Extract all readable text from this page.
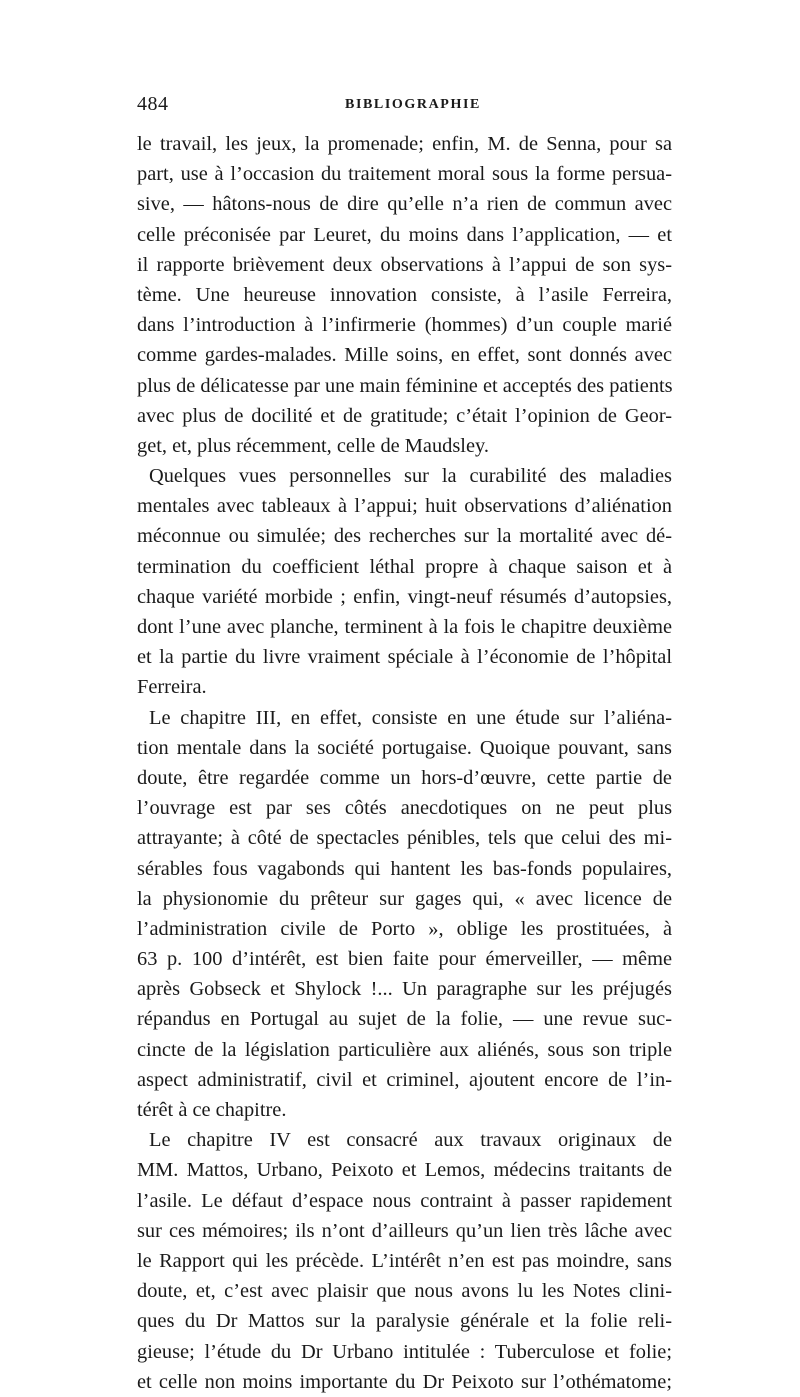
484	BIBLIOGRAPHIE
le travail, les jeux, la promenade; enfin, M. de Senna, pour sa
part, use à l’occasion du traitement moral sous la forme persua-
sive, — hâtons-nous de dire qu’elle n’a rien de commun avec
celle préconisée par Leuret, du moins dans l’application, — et
il rapporte brièvement deux observations à l’appui de son sys-
tème. Une heureuse innovation consiste, à l’asile Ferreira,
dans l’introduction à l’infirmerie (hommes) d’un couple marié
comme gardes-malades. Mille soins, en effet, sont donnés avec
plus de délicatesse par une main féminine et acceptés des patients
avec plus de docilité et de gratitude; c’était l’opinion de Geor-
get, et, plus récemment, celle de Maudsley.
Quelques vues personnelles sur la curabilité des maladies
mentales avec tableaux à l’appui; huit observations d’aliénation
méconnue ou simulée; des recherches sur la mortalité avec dé-
termination du coefficient léthal propre à chaque saison et à
chaque variété morbide ; enfin, vingt-neuf résumés d’autopsies,
dont l’une avec planche, terminent à la fois le chapitre deuxième
et la partie du livre vraiment spéciale à l’économie de l’hôpital
Ferreira.
Le chapitre III, en effet, consiste en une étude sur l’aliéna-
tion mentale dans la société portugaise. Quoique pouvant, sans
doute, être regardée comme un hors-d’œuvre, cette partie de
l’ouvrage est par ses côtés anecdotiques on ne peut plus
attrayante; à côté de spectacles pénibles, tels que celui des mi-
sérables fous vagabonds qui hantent les bas-fonds populaires,
la physionomie du prêteur sur gages qui, « avec licence de
l’administration civile de Porto », oblige les prostituées, à
63 p. 100 d’intérêt, est bien faite pour émerveiller, — même
après Gobseck et Shylock !... Un paragraphe sur les préjugés
répandus en Portugal au sujet de la folie, — une revue suc-
cincte de la législation particulière aux aliénés, sous son triple
aspect administratif, civil et criminel, ajoutent encore de l’in-
térêt à ce chapitre.
Le chapitre IV est consacré aux travaux originaux de
MM. Mattos, Urbano, Peixoto et Lemos, médecins traitants de
l’asile. Le défaut d’espace nous contraint à passer rapidement
sur ces mémoires; ils n’ont d’ailleurs qu’un lien très lâche avec
le Rapport qui les précède. L’intérêt n’en est pas moindre, sans
doute, et, c’est avec plaisir que nous avons lu les Notes clini-
ques du Dr Mattos sur la paralysie générale et la folie reli-
gieuse; l’étude du Dr Urbano intitulée : Tuberculose et folie;
et celle non moins importante du Dr Peixoto sur l’othématome;
